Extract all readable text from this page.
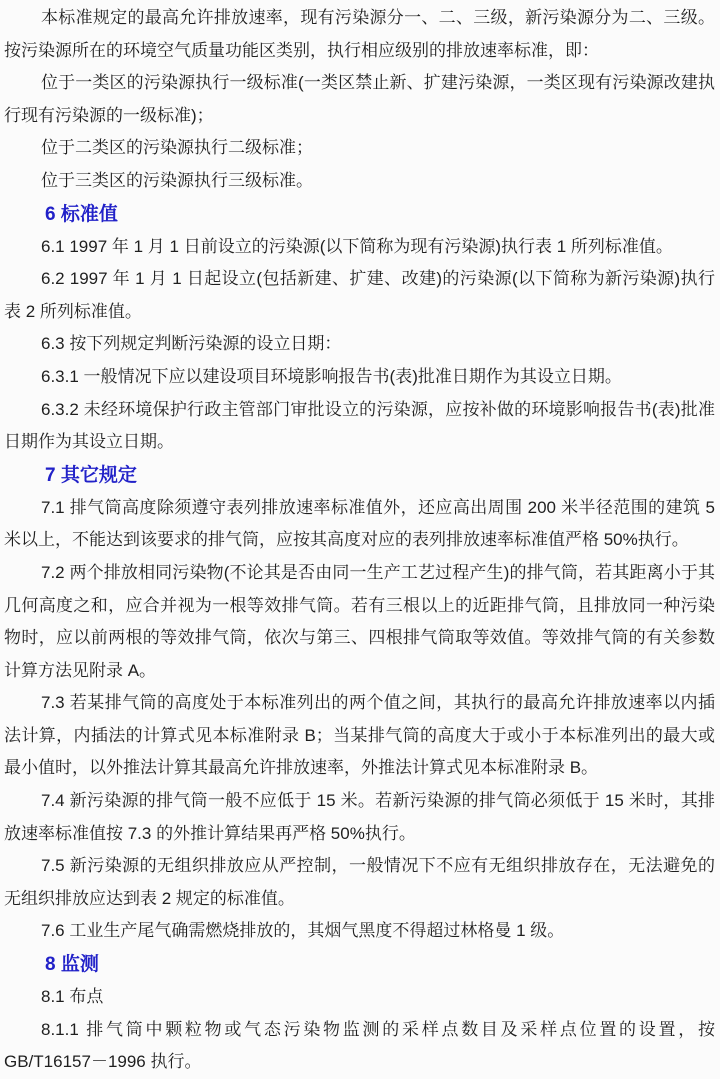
本标准规定的最高允许排放速率，现有污染源分一、二、三级，新污染源分为二、三级。按污染源所在的环境空气质量功能区类别，执行相应级别的排放速率标准，即：

位于一类区的污染源执行一级标准(一类区禁止新、扩建污染源，一类区现有污染源改建执行现有污染源的一级标准)；

位于二类区的污染源执行二级标准；

位于三类区的污染源执行三级标准。

6 标准值

6.1 1997 年 1 月 1 日前设立的污染源(以下简称为现有污染源)执行表 1 所列标准值。

6.2 1997 年 1 月 1 日起设立(包括新建、扩建、改建)的污染源(以下简称为新污染源)执行表 2 所列标准值。

6.3 按下列规定判断污染源的设立日期：

6.3.1 一般情况下应以建设项目环境影响报告书(表)批准日期作为其设立日期。

6.3.2 未经环境保护行政主管部门审批设立的污染源，应按补做的环境影响报告书(表)批准日期作为其设立日期。

7 其它规定

7.1 排气筒高度除须遵守表列排放速率标准值外，还应高出周围 200 米半径范围的建筑 5 米以上，不能达到该要求的排气筒，应按其高度对应的表列排放速率标准值严格 50%执行。

7.2 两个排放相同污染物(不论其是否由同一生产工艺过程产生)的排气筒，若其距离小于其几何高度之和，应合并视为一根等效排气筒。若有三根以上的近距排气筒，且排放同一种污染物时，应以前两根的等效排气筒，依次与第三、四根排气筒取等效值。等效排气筒的有关参数计算方法见附录 A。

7.3 若某排气筒的高度处于本标准列出的两个值之间，其执行的最高允许排放速率以内插法计算，内插法的计算式见本标准附录 B；当某排气筒的高度大于或小于本标准列出的最大或最小值时，以外推法计算其最高允许排放速率，外推法计算式见本标准附录 B。

7.4 新污染源的排气筒一般不应低于 15 米。若新污染源的排气筒必须低于 15 米时，其排放速率标准值按 7.3 的外推计算结果再严格 50%执行。

7.5 新污染源的无组织排放应从严控制，一般情况下不应有无组织排放存在，无法避免的无组织排放应达到表 2 规定的标准值。

7.6 工业生产尾气确需燃烧排放的，其烟气黑度不得超过林格曼 1 级。

8 监测

8.1 布点

8.1.1 排气筒中颗粒物或气态污染物监测的采样点数目及采样点位置的设置，按 GB/T16157－1996 执行。
